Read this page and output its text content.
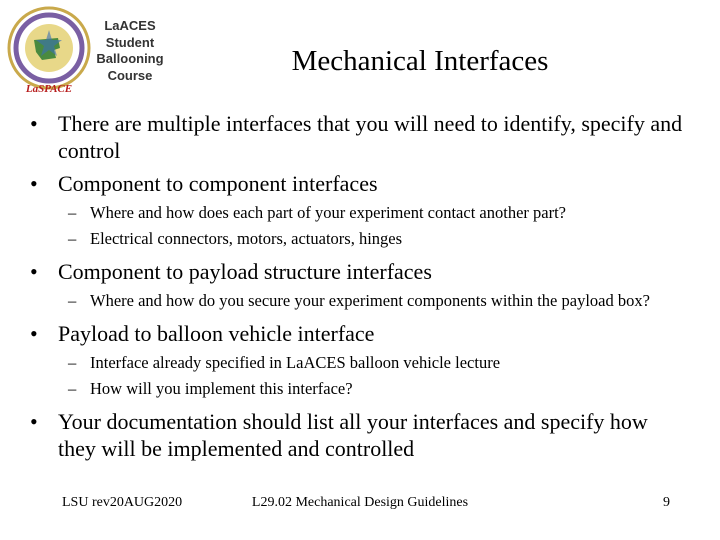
LaSPACE
LaACES
Student
Ballooning
Course	Mechanical Interfaces
• There are multiple interfaces that you will need to identify, specify and control
• Component to component interfaces
– Where and how does each part of your experiment contact another part?
– Electrical connectors, motors, actuators, hinges
• Component to payload structure interfaces
– Where and how do you secure your experiment components within the payload box?
• Payload to balloon vehicle interface
– Interface already specified in LaACES balloon vehicle lecture
– How will you implement this interface?
• Your documentation should list all your interfaces and specify how they will be implemented and controlled
LSU rev20AUG2020	L29.02 Mechanical Design Guidelines	9
